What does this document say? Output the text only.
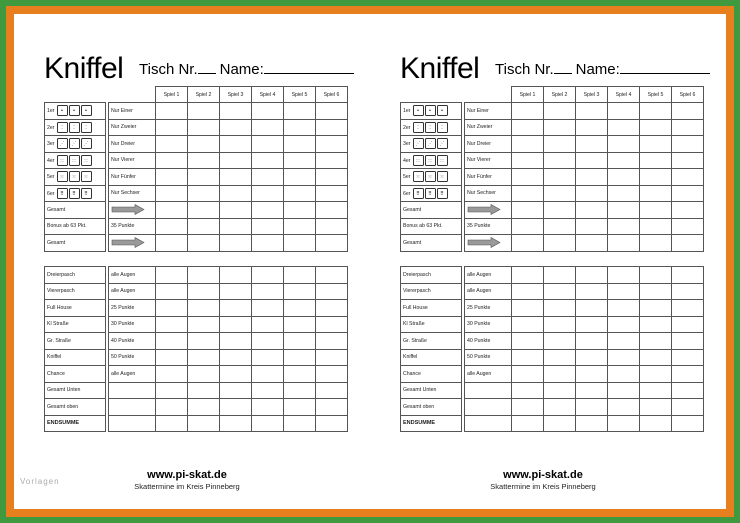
Kniffel Tisch Nr. Name:
			Spiel 1	Spiel 2	Spiel 3	Spiel 4	Spiel 5	Spiel 6
1er • • •		Nur Einer						
2er ⁚ ⁚ ⁚		Nur Zweier						
3er ⋰ ⋰ ⋰		Nur Dreier						
4er ∷ ∷ ∷		Nur Vierer						
5er ⁙ ⁙ ⁙		Nur Fünfer						
6er ⠿ ⠿ ⠿		Nur Sechser						
Gesamt								
Bonus ab 63 Pkt.		35 Punkte						
Gesamt								
Dreierpasch		alle Augen						
Viererpasch		alle Augen						
Full House		25 Punkte						
Kl Straße		30 Punkte						
Gr. Straße		40 Punkte						
Kniffel		50 Punkte						
Chance		alle Augen						
Gesamt Unten								
Gesamt oben								
ENDSUMME								
www.pi-skat.de
Skattermine im Kreis Pinneberg
Kniffel Tisch Nr. Name:
			Spiel 1	Spiel 2	Spiel 3	Spiel 4	Spiel 5	Spiel 6
1er • • •		Nur Einer						
2er ⁚ ⁚ ⁚		Nur Zweier						
3er ⋰ ⋰ ⋰		Nur Dreier						
4er ∷ ∷ ∷		Nur Vierer						
5er ⁙ ⁙ ⁙		Nur Fünfer						
6er ⠿ ⠿ ⠿		Nur Sechser						
Gesamt								
Bonus ab 63 Pkt.		35 Punkte						
Gesamt								
Dreierpasch		alle Augen						
Viererpasch		alle Augen						
Full House		25 Punkte						
Kl Straße		30 Punkte						
Gr. Straße		40 Punkte						
Kniffel		50 Punkte						
Chance		alle Augen						
Gesamt Unten								
Gesamt oben								
ENDSUMME								
www.pi-skat.de
Skattermine im Kreis Pinneberg
Vorlagen
